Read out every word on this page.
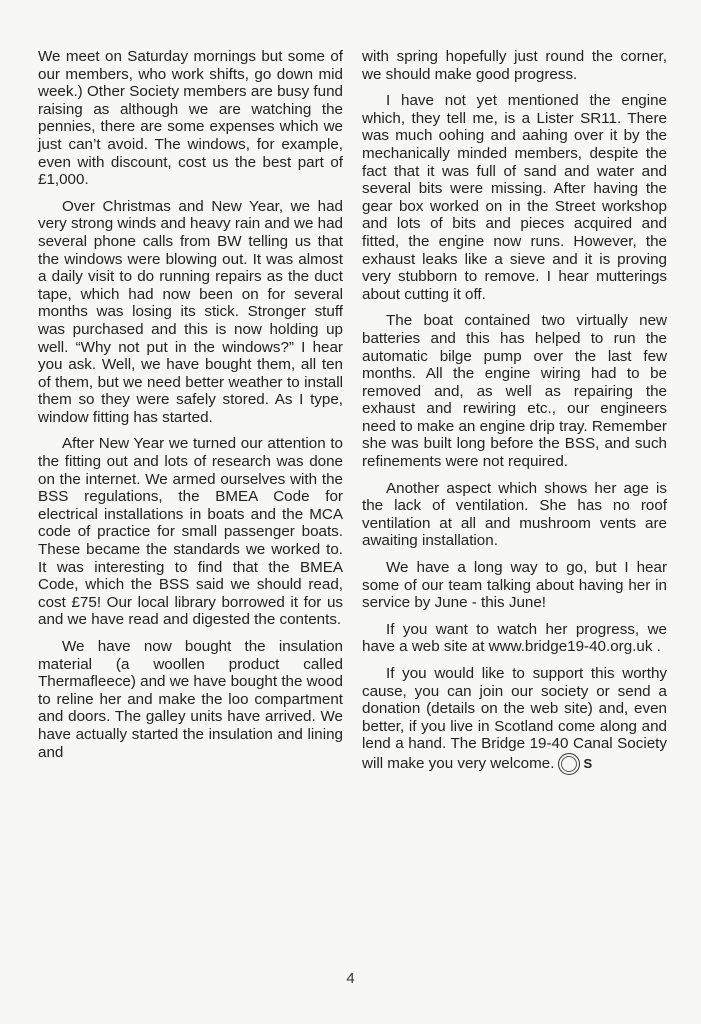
We meet on Saturday mornings but some of our members, who work shifts, go down mid week.) Other Society members are busy fund raising as although we are watching the pennies, there are some expenses which we just can’t avoid. The windows, for example, even with discount, cost us the best part of £1,000.

Over Christmas and New Year, we had very strong winds and heavy rain and we had several phone calls from BW telling us that the windows were blowing out. It was almost a daily visit to do running repairs as the duct tape, which had now been on for several months was losing its stick. Stronger stuff was purchased and this is now holding up well. “Why not put in the windows?” I hear you ask. Well, we have bought them, all ten of them, but we need better weather to install them so they were safely stored. As I type, window fitting has started.

After New Year we turned our attention to the fitting out and lots of research was done on the internet. We armed ourselves with the BSS regulations, the BMEA Code for electrical installations in boats and the MCA code of practice for small passenger boats. These became the standards we worked to. It was interesting to find that the BMEA Code, which the BSS said we should read, cost £75! Our local library borrowed it for us and we have read and digested the contents.

We have now bought the insulation material (a woollen product called Thermafleece) and we have bought the wood to reline her and make the loo compartment and doors. The galley units have arrived. We have actually started the insulation and lining and

with spring hopefully just round the corner, we should make good progress.

I have not yet mentioned the engine which, they tell me, is a Lister SR11. There was much oohing and aahing over it by the mechanically minded members, despite the fact that it was full of sand and water and several bits were missing. After having the gear box worked on in the Street workshop and lots of bits and pieces acquired and fitted, the engine now runs. However, the exhaust leaks like a sieve and it is proving very stubborn to remove. I hear mutterings about cutting it off.

The boat contained two virtually new batteries and this has helped to run the automatic bilge pump over the last few months. All the engine wiring had to be removed and, as well as repairing the exhaust and rewiring etc., our engineers need to make an engine drip tray. Remember she was built long before the BSS, and such refinements were not required.

Another aspect which shows her age is the lack of ventilation. She has no roof ventilation at all and mushroom vents are awaiting installation.

We have a long way to go, but I hear some of our team talking about having her in service by June - this June!

If you want to watch her progress, we have a web site at www.bridge19-40.org.uk .

If you would like to support this worthy cause, you can join our society or send a donation (details on the web site) and, even better, if you live in Scotland come along and lend a hand. The Bridge 19-40 Canal Society will make you very welcome. S

4
